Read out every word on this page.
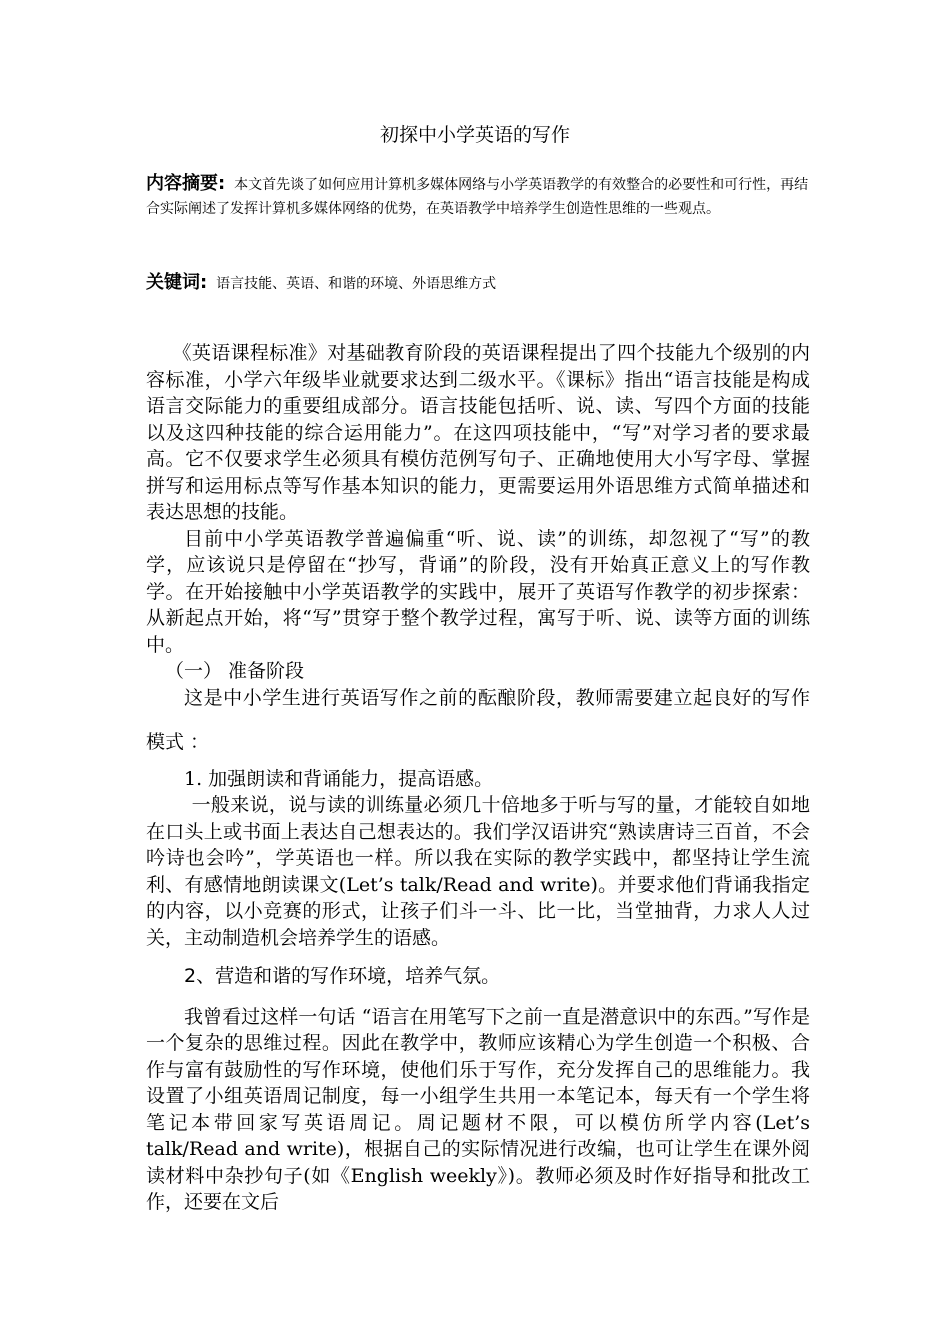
初探中小学英语的写作
内容摘要: 本文首先谈了如何应用计算机多媒体网络与小学英语教学的有效整合的必要性和可行性，再结合实际阐述了发挥计算机多媒体网络的优势，在英语教学中培养学生创造性思维的一些观点。
关键词: 语言技能、英语、和谐的环境、外语思维方式

《英语课程标准》对基础教育阶段的英语课程提出了四个技能九个级别的内容标准，小学六年级毕业就要求达到二级水平。《课标》指出“语言技能是构成语言交际能力的重要组成部分。语言技能包括听、说、读、写四个方面的技能以及这四种技能的综合运用能力”。在这四项技能中，“写”对学习者的要求最高。它不仅要求学生必须具有模仿范例写句子、正确地使用大小写字母、掌握拼写和运用标点等写作基本知识的能力，更需要运用外语思维方式简单描述和表达思想的技能。

目前中小学英语教学普遍偏重“听、说、读”的训练，却忽视了“写”的教学，应该说只是停留在“抄写，背诵”的阶段，没有开始真正意义上的写作教学。在开始接触中小学英语教学的实践中，展开了英语写作教学的初步探索：从新起点开始，将“写”贯穿于整个教学过程，寓写于听、说、读等方面的训练中。

（一） 准备阶段

这是中小学生进行英语写作之前的酝酿阶段，教师需要建立起良好的写作模式 ：

1. 加强朗读和背诵能力，提高语感。

一般来说，说与读的训练量必须几十倍地多于听与写的量，才能较自如地在口头上或书面上表达自己想表达的。我们学汉语讲究“熟读唐诗三百首，不会吟诗也会吟”，学英语也一样。所以我在实际的教学实践中，都坚持让学生流利、有感情地朗读课文(Let’s talk/Read and write)。并要求他们背诵我指定的内容，以小竞赛的形式，让孩子们斗一斗、比一比，当堂抽背，力求人人过关，主动制造机会培养学生的语感。

2、营造和谐的写作环境，培养气氛。

我曾看过这样一句话 “语言在用笔写下之前一直是潜意识中的东西。”写作是一个复杂的思维过程。因此在教学中，教师应该精心为学生创造一个积极、合作与富有鼓励性的写作环境，使他们乐于写作，充分发挥自己的思维能力。我设置了小组英语周记制度，每一小组学生共用一本笔记本，每天有一个学生将笔记本带回家写英语周记。周记题材不限，可以模仿所学内容(Let’s talk/Read and write)，根据自己的实际情况进行改编，也可让学生在课外阅读材料中杂抄句子(如《English weekly》)。教师必须及时作好指导和批改工作，还要在文后
